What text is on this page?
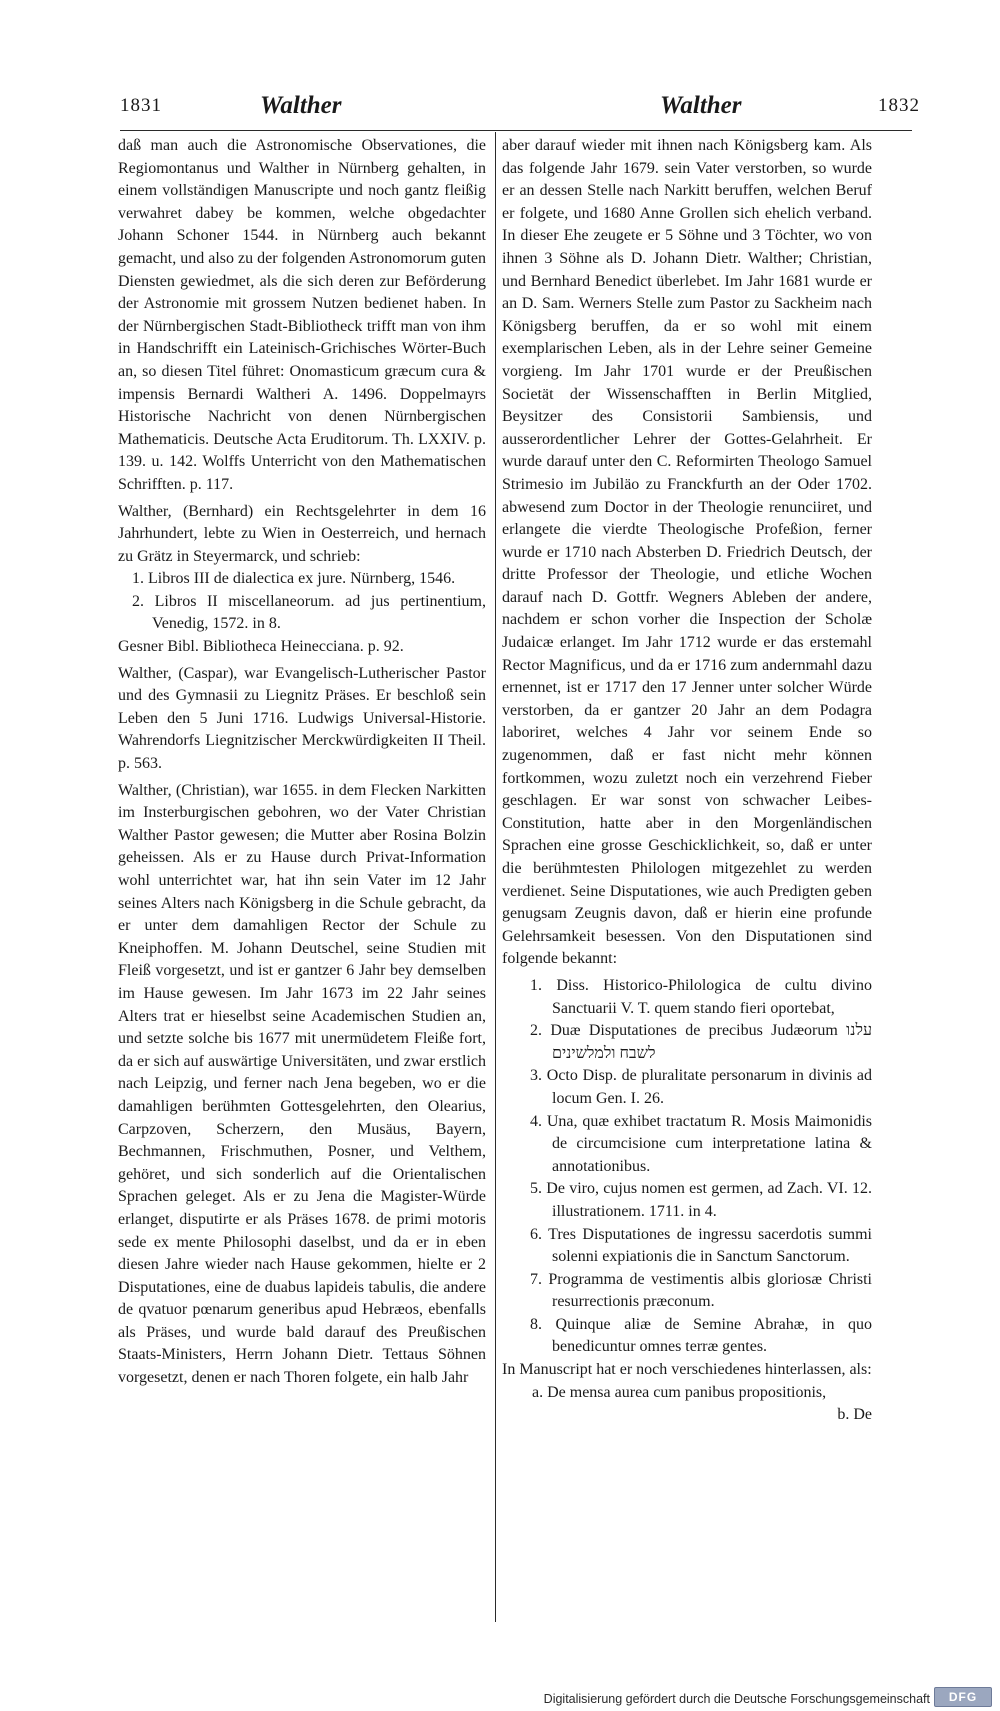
1831	Walther	Walther	1832

daß man auch die Astronomische Observationes, die Regiomontanus und Walther in Nürnberg gehalten, in einem vollständigen Manuscripte und noch gantz fleißig verwahret dabey be kommen, welche obgedachter Johann Schoner 1544. in Nürnberg auch bekannt gemacht, und also zu der folgenden Astronomorum guten Diensten gewiedmet, als die sich deren zur Beförderung der Astronomie mit grossem Nutzen bedienet haben. In der Nürnbergischen Stadt-Bibliotheck trifft man von ihm in Handschrifft ein Lateinisch-Grichisches Wörter-Buch an, so diesen Titel führet: Onomasticum græcum cura & impensis Bernardi Waltheri A. 1496. Doppelmayrs Historische Nachricht von denen Nürnbergischen Mathematicis. Deutsche Acta Eruditorum. Th. LXXIV. p. 139. u. 142. Wolffs Unterricht von den Mathematischen Schrifften. p. 117.

Walther, (Bernhard) ein Rechtsgelehrter in dem 16 Jahrhundert, lebte zu Wien in Oesterreich, und hernach zu Grätz in Steyermarck, und schrieb:

1. Libros III de dialectica ex jure. Nürnberg, 1546.

2. Libros II miscellaneorum. ad jus pertinentium, Venedig, 1572. in 8.

Gesner Bibl. Bibliotheca Heinecciana. p. 92.

Walther, (Caspar), war Evangelisch-Lutherischer Pastor und des Gymnasii zu Liegnitz Präses. Er beschloß sein Leben den 5 Juni 1716. Ludwigs Universal-Historie. Wahrendorfs Liegnitzischer Merckwürdigkeiten II Theil. p. 563.

Walther, (Christian), war 1655. in dem Flecken Narkitten im Insterburgischen gebohren, wo der Vater Christian Walther Pastor gewesen; die Mutter aber Rosina Bolzin geheissen. Als er zu Hause durch Privat-Information wohl unterrichtet war, hat ihn sein Vater im 12 Jahr seines Alters nach Königsberg in die Schule gebracht, da er unter dem damahligen Rector der Schule zu Kneiphoffen. M. Johann Deutschel, seine Studien mit Fleiß vorgesetzt, und ist er gantzer 6 Jahr bey demselben im Hause gewesen. Im Jahr 1673 im 22 Jahr seines Alters trat er hieselbst seine Academischen Studien an, und setzte solche bis 1677 mit unermüdetem Fleiße fort, da er sich auf auswärtige Universitäten, und zwar erstlich nach Leipzig, und ferner nach Jena begeben, wo er die damahligen berühmten Gottesgelehrten, den Olearius, Carpzoven, Scherzern, den Musäus, Bayern, Bechmannen, Frischmuthen, Posner, und Velthem, gehöret, und sich sonderlich auf die Orientalischen Sprachen geleget. Als er zu Jena die Magister-Würde erlanget, disputirte er als Präses 1678. de primi motoris sede ex mente Philosophi daselbst, und da er in eben diesen Jahre wieder nach Hause gekommen, hielte er 2 Disputationes, eine de duabus lapideis tabulis, die andere de qvatuor pœnarum generibus apud Hebræos, ebenfalls als Präses, und wurde bald darauf des Preußischen Staats-Ministers, Herrn Johann Dietr. Tettaus Söhnen vorgesetzt, denen er nach Thoren folgete, ein halb Jahr

aber darauf wieder mit ihnen nach Königsberg kam. Als das folgende Jahr 1679. sein Vater verstorben, so wurde er an dessen Stelle nach Narkitt beruffen, welchen Beruf er folgete, und 1680 Anne Grollen sich ehelich verband. In dieser Ehe zeugete er 5 Söhne und 3 Töchter, wo von ihnen 3 Söhne als D. Johann Dietr. Walther; Christian, und Bernhard Benedict überlebet. Im Jahr 1681 wurde er an D. Sam. Werners Stelle zum Pastor zu Sackheim nach Königsberg beruffen, da er so wohl mit einem exemplarischen Leben, als in der Lehre seiner Gemeine vorgieng. Im Jahr 1701 wurde er der Preußischen Societät der Wissenschafften in Berlin Mitglied, Beysitzer des Consistorii Sambiensis, und ausserordentlicher Lehrer der Gottes-Gelahrheit. Er wurde darauf unter den C. Reformirten Theologo Samuel Strimesio im Jubiläo zu Franckfurth an der Oder 1702. abwesend zum Doctor in der Theologie renunciiret, und erlangete die vierdte Theologische Profeßion, ferner wurde er 1710 nach Absterben D. Friedrich Deutsch, der dritte Professor der Theologie, und etliche Wochen darauf nach D. Gottfr. Wegners Ableben der andere, nachdem er schon vorher die Inspection der Scholæ Judaicæ erlanget. Im Jahr 1712 wurde er das erstemahl Rector Magnificus, und da er 1716 zum andernmahl dazu ernennet, ist er 1717 den 17 Jenner unter solcher Würde verstorben, da er gantzer 20 Jahr an dem Podagra laboriret, welches 4 Jahr vor seinem Ende so zugenommen, daß er fast nicht mehr können fortkommen, wozu zuletzt noch ein verzehrend Fieber geschlagen. Er war sonst von schwacher Leibes-Constitution, hatte aber in den Morgenländischen Sprachen eine grosse Geschicklichkeit, so, daß er unter die berühmtesten Philologen mitgezehlet zu werden verdienet. Seine Disputationes, wie auch Predigten geben genugsam Zeugnis davon, daß er hierin eine profunde Gelehrsamkeit besessen. Von den Disputationen sind folgende bekannt:

1. Diss. Historico-Philologica de cultu divino Sanctuarii V. T. quem stando fieri oportebat,

2. Duæ Disputationes de precibus Judæorum עלנו לשבח ולמלשינים

3. Octo Disp. de pluralitate personarum in divinis ad locum Gen. I. 26.

4. Una, quæ exhibet tractatum R. Mosis Maimonidis de circumcisione cum interpretatione latina & annotationibus.

5. De viro, cujus nomen est germen, ad Zach. VI. 12. illustrationem. 1711. in 4.

6. Tres Disputationes de ingressu sacerdotis summi solenni expiationis die in Sanctum Sanctorum.

7. Programma de vestimentis albis gloriosæ Christi resurrectionis præconum.

8. Quinque aliæ de Semine Abrahæ, in quo benedicuntur omnes terræ gentes.

In Manuscript hat er noch verschiedenes hinterlassen, als:

a. De mensa aurea cum panibus propositionis,

b. De

Digitalisierung gefördert durch die Deutsche Forschungsgemeinschaft DFG
